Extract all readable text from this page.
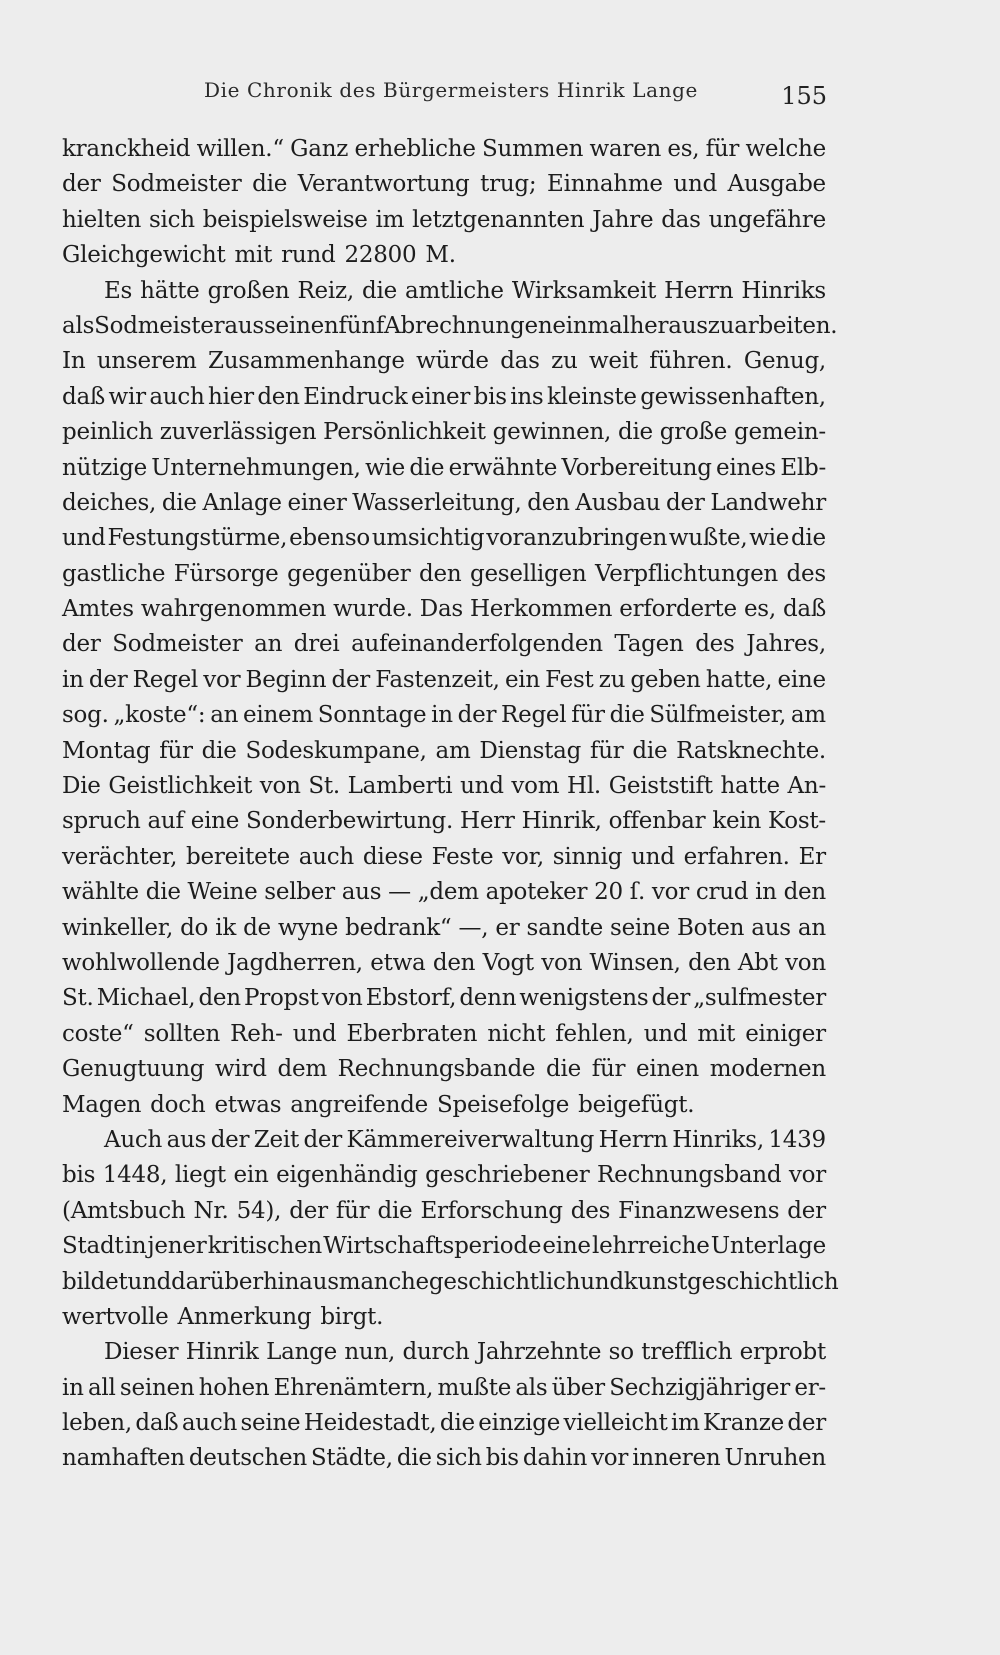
Die Chronik des Bürgermeisters Hinrik Lange	155
kranckheid willen.“ Ganz erhebliche Summen waren es, für welche
der Sodmeister die Verantwortung trug; Einnahme und Ausgabe
hielten sich beispielsweise im letztgenannten Jahre das ungefähre
Gleichgewicht mit rund 22800 M.
Es hätte großen Reiz, die amtliche Wirksamkeit Herrn Hinriks
als Sodmeister aus seinen fünf Abrechnungen einmal herauszuarbeiten.
In unserem Zusammenhange würde das zu weit führen. Genug,
daß wir auch hier den Eindruck einer bis ins kleinste gewissenhaften,
peinlich zuverlässigen Persönlichkeit gewinnen, die große gemein-
nützige Unternehmungen, wie die erwähnte Vorbereitung eines Elb-
deiches, die Anlage einer Wasserleitung, den Ausbau der Landwehr
und Festungstürme, ebenso umsichtig voranzubringen wußte, wie die
gastliche Fürsorge gegenüber den geselligen Verpflichtungen des
Amtes wahrgenommen wurde. Das Herkommen erforderte es, daß
der Sodmeister an drei aufeinanderfolgenden Tagen des Jahres,
in der Regel vor Beginn der Fastenzeit, ein Fest zu geben hatte, eine
sog. „koste“: an einem Sonntage in der Regel für die Sülfmeister, am
Montag für die Sodeskumpane, am Dienstag für die Ratsknechte.
Die Geistlichkeit von St. Lamberti und vom Hl. Geiststift hatte An-
spruch auf eine Sonderbewirtung. Herr Hinrik, offenbar kein Kost-
verächter, bereitete auch diese Feste vor, sinnig und erfahren. Er
wählte die Weine selber aus — „dem apoteker 20 ſ. vor crud in den
winkeller, do ik de wyne bedrank“ —, er sandte seine Boten aus an
wohlwollende Jagdherren, etwa den Vogt von Winsen, den Abt von
St. Michael, den Propst von Ebstorf, denn wenigstens der „sulfmester
coste“ sollten Reh- und Eberbraten nicht fehlen, und mit einiger
Genugtuung wird dem Rechnungsbande die für einen modernen
Magen doch etwas angreifende Speisefolge beigefügt.
Auch aus der Zeit der Kämmereiverwaltung Herrn Hinriks, 1439
bis 1448, liegt ein eigenhändig geschriebener Rechnungsband vor
(Amtsbuch Nr. 54), der für die Erforschung des Finanzwesens der
Stadt in jener kritischen Wirtschaftsperiode eine lehrreiche Unterlage
bildet und darüber hinaus manche geschichtlich und kunstgeschichtlich
wertvolle Anmerkung birgt.
Dieser Hinrik Lange nun, durch Jahrzehnte so trefflich erprobt
in all seinen hohen Ehrenämtern, mußte als über Sechzigjähriger er-
leben, daß auch seine Heidestadt, die einzige vielleicht im Kranze der
namhaften deutschen Städte, die sich bis dahin vor inneren Unruhen
